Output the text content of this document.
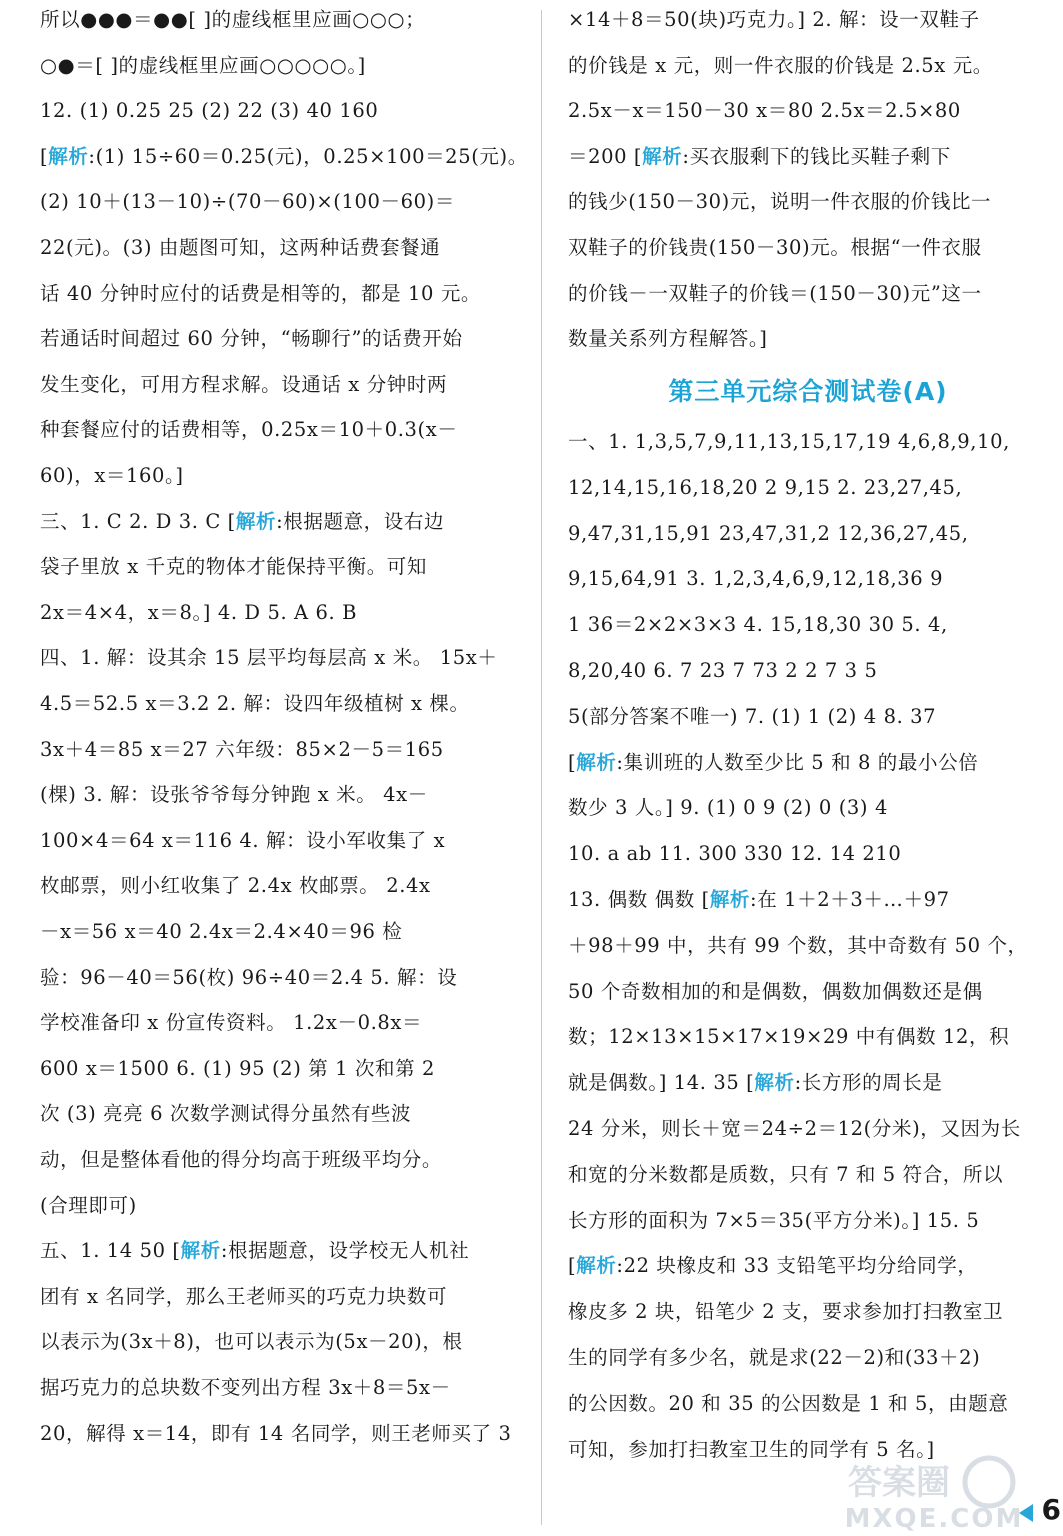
所以●●●＝●●[ ]的虚线框里应画○○○；
○●＝[ ]的虚线框里应画○○○○○。]
12. (1) 0.25 25 (2) 22 (3) 40 160
[解析:(1) 15÷60＝0.25(元)，0.25×100＝25(元)。
(2) 10＋(13－10)÷(70－60)×(100－60)＝
22(元)。(3) 由题图可知，这两种话费套餐通
话 40 分钟时应付的话费是相等的，都是 10 元。
若通话时间超过 60 分钟，“畅聊行”的话费开始
发生变化，可用方程求解。设通话 x 分钟时两
种套餐应付的话费相等，0.25x＝10＋0.3(x－
60)，x＝160。]
三、1. C 2. D 3. C [解析:根据题意，设右边
袋子里放 x 千克的物体才能保持平衡。可知
2x＝4×4，x＝8。] 4. D 5. A 6. B
四、1. 解：设其余 15 层平均每层高 x 米。 15x＋
4.5＝52.5 x＝3.2 2. 解：设四年级植树 x 棵。
3x＋4＝85 x＝27 六年级：85×2－5＝165
(棵) 3. 解：设张爷爷每分钟跑 x 米。 4x－
100×4＝64 x＝116 4. 解：设小军收集了 x
枚邮票，则小红收集了 2.4x 枚邮票。 2.4x
－x＝56 x＝40 2.4x＝2.4×40＝96 检
验：96－40＝56(枚) 96÷40＝2.4 5. 解：设
学校准备印 x 份宣传资料。 1.2x－0.8x＝
600 x＝1500 6. (1) 95 (2) 第 1 次和第 2
次 (3) 亮亮 6 次数学测试得分虽然有些波
动，但是整体看他的得分均高于班级平均分。
(合理即可)
五、1. 14 50 [解析:根据题意，设学校无人机社
团有 x 名同学，那么王老师买的巧克力块数可
以表示为(3x＋8)，也可以表示为(5x－20)，根
据巧克力的总块数不变列出方程 3x＋8＝5x－
20，解得 x＝14，即有 14 名同学，则王老师买了 3
第三单元综合测试卷(A)
×14＋8＝50(块)巧克力。] 2. 解：设一双鞋子
的价钱是 x 元，则一件衣服的价钱是 2.5x 元。
2.5x－x＝150－30 x＝80 2.5x＝2.5×80
＝200 [解析:买衣服剩下的钱比买鞋子剩下
的钱少(150－30)元，说明一件衣服的价钱比一
双鞋子的价钱贵(150－30)元。根据“一件衣服
的价钱－一双鞋子的价钱＝(150－30)元”这一
数量关系列方程解答。]
一、1. 1,3,5,7,9,11,13,15,17,19 4,6,8,9,10,
12,14,15,16,18,20 2 9,15 2. 23,27,45,
9,47,31,15,91 23,47,31,2 12,36,27,45,
9,15,64,91 3. 1,2,3,4,6,9,12,18,36 9
1 36＝2×2×3×3 4. 15,18,30 30 5. 4,
8,20,40 6. 7 23 7 73 2 2 7 3 5
5(部分答案不唯一) 7. (1) 1 (2) 4 8. 37
[解析:集训班的人数至少比 5 和 8 的最小公倍
数少 3 人。] 9. (1) 0 9 (2) 0 (3) 4
10. a ab 11. 300 330 12. 14 210
13. 偶数 偶数 [解析:在 1＋2＋3＋…＋97
＋98＋99 中，共有 99 个数，其中奇数有 50 个，
50 个奇数相加的和是偶数，偶数加偶数还是偶
数；12×13×15×17×19×29 中有偶数 12，积
就是偶数。] 14. 35 [解析:长方形的周长是
24 分米，则长＋宽＝24÷2＝12(分米)，又因为长
和宽的分米数都是质数，只有 7 和 5 符合，所以
长方形的面积为 7×5＝35(平方分米)。] 15. 5
[解析:22 块橡皮和 33 支铅笔平均分给同学，
橡皮多 2 块，铅笔少 2 支，要求参加打扫教室卫
生的同学有多少名，就是求(22－2)和(33＋2)
的公因数。20 和 35 的公因数是 1 和 5，由题意
可知，参加打扫教室卫生的同学有 5 名。]
6
答案圈
MXQE.COM
